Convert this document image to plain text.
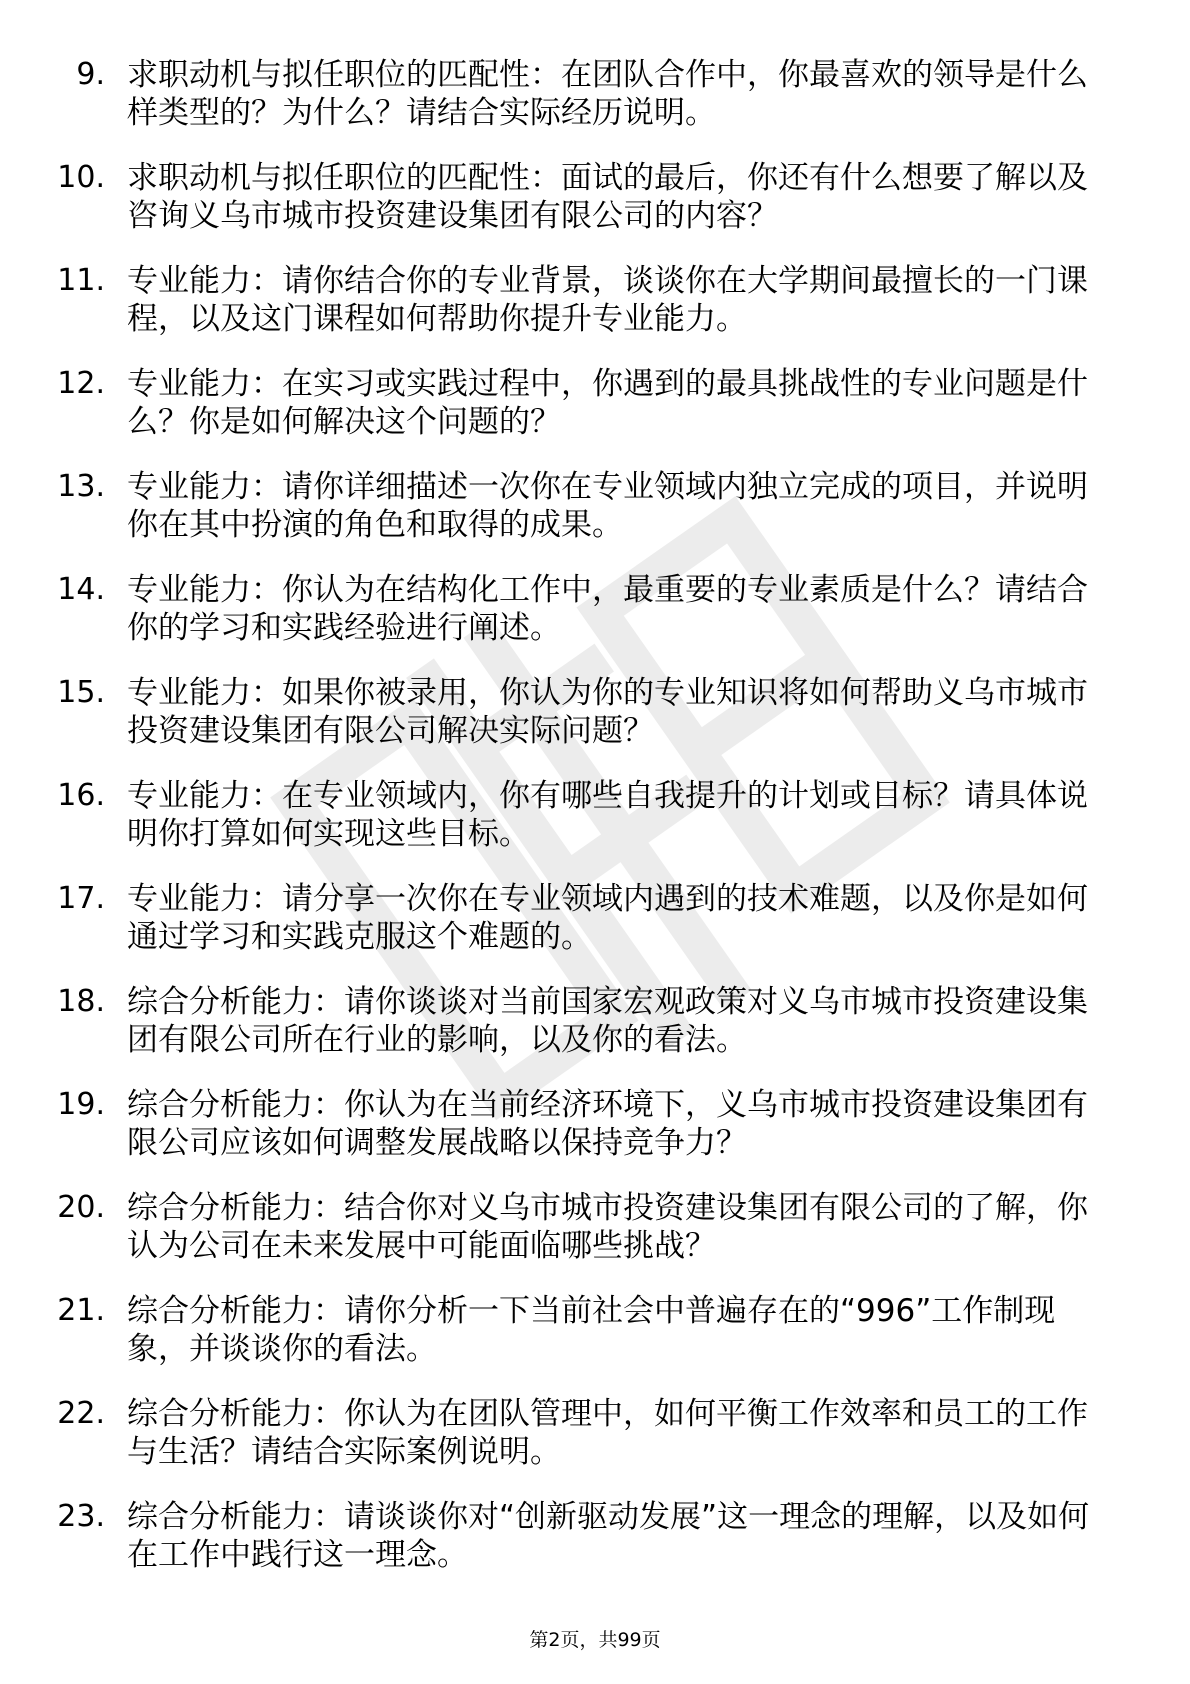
9. 求职动机与拟任职位的匹配性：在团队合作中，你最喜欢的领导是什么样类型的？为什么？请结合实际经历说明。
10. 求职动机与拟任职位的匹配性：面试的最后，你还有什么想要了解以及咨询义乌市城市投资建设集团有限公司的内容？
11. 专业能力：请你结合你的专业背景，谈谈你在大学期间最擅长的一门课程，以及这门课程如何帮助你提升专业能力。
12. 专业能力：在实习或实践过程中，你遇到的最具挑战性的专业问题是什么？你是如何解决这个问题的？
13. 专业能力：请你详细描述一次你在专业领域内独立完成的项目，并说明你在其中扮演的角色和取得的成果。
14. 专业能力：你认为在结构化工作中，最重要的专业素质是什么？请结合你的学习和实践经验进行阐述。
15. 专业能力：如果你被录用，你认为你的专业知识将如何帮助义乌市城市投资建设集团有限公司解决实际问题？
16. 专业能力：在专业领域内，你有哪些自我提升的计划或目标？请具体说明你打算如何实现这些目标。
17. 专业能力：请分享一次你在专业领域内遇到的技术难题，以及你是如何通过学习和实践克服这个难题的。
18. 综合分析能力：请你谈谈对当前国家宏观政策对义乌市城市投资建设集团有限公司所在行业的影响，以及你的看法。
19. 综合分析能力：你认为在当前经济环境下，义乌市城市投资建设集团有限公司应该如何调整发展战略以保持竞争力？
20. 综合分析能力：结合你对义乌市城市投资建设集团有限公司的了解，你认为公司在未来发展中可能面临哪些挑战？
21. 综合分析能力：请你分析一下当前社会中普遍存在的“996”工作制现象，并谈谈你的看法。
22. 综合分析能力：你认为在团队管理中，如何平衡工作效率和员工的工作与生活？请结合实际案例说明。
23. 综合分析能力：请谈谈你对“创新驱动发展”这一理念的理解，以及如何在工作中践行这一理念。
第2页，共99页
